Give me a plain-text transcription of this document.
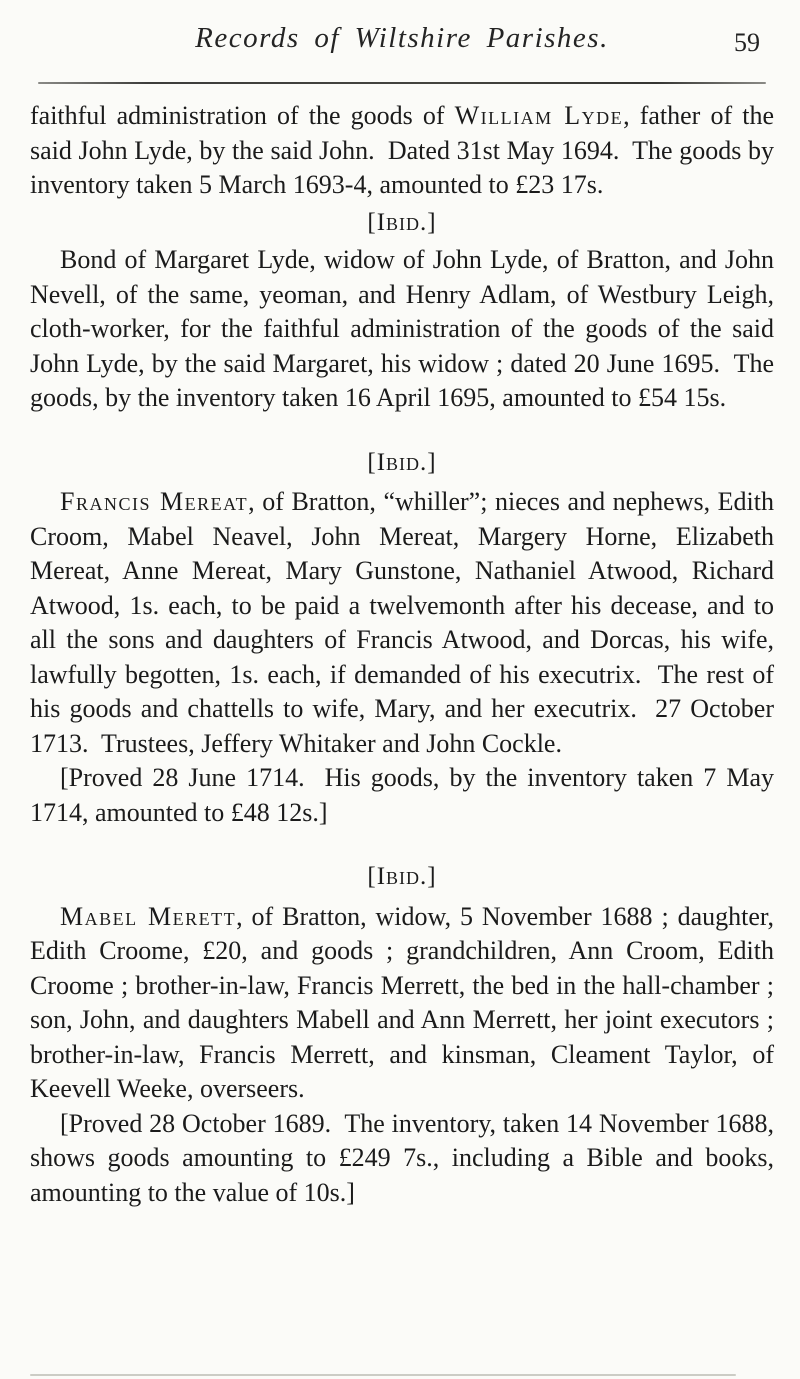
Records of Wiltshire Parishes.	59

faithful administration of the goods of William Lyde, father of the said John Lyde, by the said John.  Dated 31st May 1694.  The goods by inventory taken 5 March 1693-4, amounted to £23 17s.

[Ibid.]

Bond of Margaret Lyde, widow of John Lyde, of Bratton, and John Nevell, of the same, yeoman, and Henry Adlam, of Westbury Leigh, cloth-worker, for the faithful administration of the goods of the said John Lyde, by the said Margaret, his widow ; dated 20 June 1695.  The goods, by the inventory taken 16 April 1695, amounted to £54 15s.

[Ibid.]

Francis Mereat, of Bratton, “whiller”; nieces and nephews, Edith Croom, Mabel Neavel, John Mereat, Margery Horne, Elizabeth Mereat, Anne Mereat, Mary Gunstone, Nathaniel Atwood, Richard Atwood, 1s. each, to be paid a twelvemonth after his decease, and to all the sons and daughters of Francis Atwood, and Dorcas, his wife, lawfully begotten, 1s. each, if demanded of his executrix.  The rest of his goods and chattells to wife, Mary, and her executrix.  27 October 1713.  Trustees, Jeffery Whitaker and John Cockle.

[Proved 28 June 1714.  His goods, by the inventory taken 7 May 1714, amounted to £48 12s.]

[Ibid.]

Mabel Merett, of Bratton, widow, 5 November 1688 ; daughter, Edith Croome, £20, and goods ; grandchildren, Ann Croom, Edith Croome ; brother-in-law, Francis Merrett, the bed in the hall-chamber ; son, John, and daughters Mabell and Ann Merrett, her joint executors ; brother-in-law, Francis Merrett, and kinsman, Cleament Taylor, of Keevell Weeke, overseers.

[Proved 28 October 1689.  The inventory, taken 14 November 1688, shows goods amounting to £249 7s., including a Bible and books, amounting to the value of 10s.]
